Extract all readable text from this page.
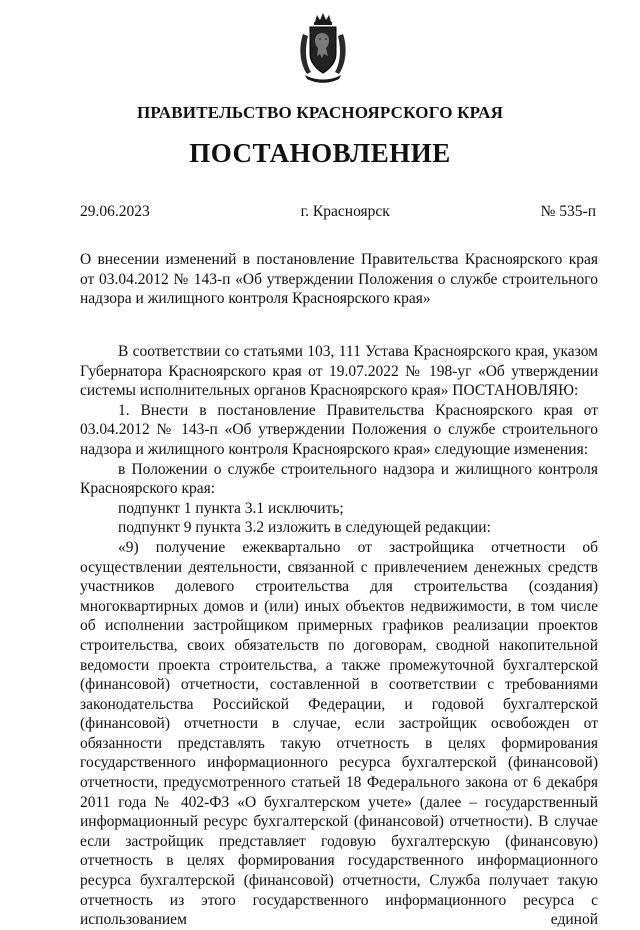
ПРАВИТЕЛЬСТВО КРАСНОЯРСКОГО КРАЯ
ПОСТАНОВЛЕНИЕ
29.06.2023	г. Красноярск	№ 535-п

О внесении изменений в постановление Правительства Красноярского края от 03.04.2012 № 143-п «Об утверждении Положения о службе строительного надзора и жилищного контроля Красноярского края»

В соответствии со статьями 103, 111 Устава Красноярского края, указом Губернатора Красноярского края от 19.07.2022 № 198-уг «Об утверждении системы исполнительных органов Красноярского края» ПОСТАНОВЛЯЮ:

1. Внести в постановление Правительства Красноярского края от 03.04.2012 № 143-п «Об утверждении Положения о службе строительного надзора и жилищного контроля Красноярского края» следующие изменения:

в Положении о службе строительного надзора и жилищного контроля Красноярского края:

подпункт 1 пункта 3.1 исключить;

подпункт 9 пункта 3.2 изложить в следующей редакции:

«9) получение ежеквартально от застройщика отчетности об осуществлении деятельности, связанной с привлечением денежных средств участников долевого строительства для строительства (создания) многоквартирных домов и (или) иных объектов недвижимости, в том числе об исполнении застройщиком примерных графиков реализации проектов строительства, своих обязательств по договорам, сводной накопительной ведомости проекта строительства, а также промежуточной бухгалтерской (финансовой) отчетности, составленной в соответствии с требованиями законодательства Российской Федерации, и годовой бухгалтерской (финансовой) отчетности в случае, если застройщик освобожден от обязанности представлять такую отчетность в целях формирования государственного информационного ресурса бухгалтерской (финансовой) отчетности, предусмотренного статьей 18 Федерального закона от 6 декабря 2011 года № 402-ФЗ «О бухгалтерском учете» (далее – государственный информационный ресурс бухгалтерской (финансовой) отчетности). В случае если застройщик представляет годовую бухгалтерскую (финансовую) отчетность в целях формирования государственного информационного ресурса бухгалтерской (финансовой) отчетности, Служба получает такую отчетность из этого государственного информационного ресурса с использованием единой
